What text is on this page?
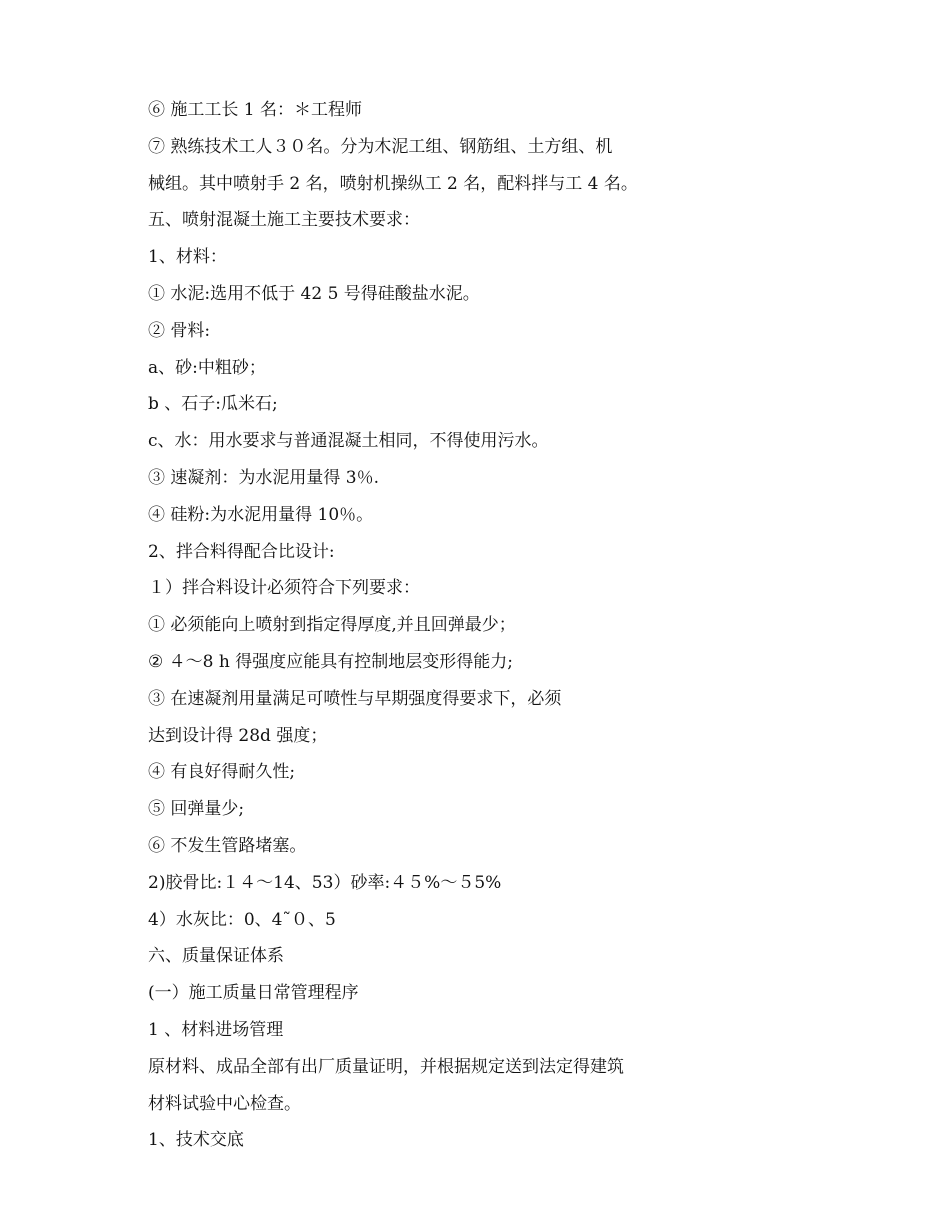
⑥ 施工工长 1 名：＊工程师
⑦ 熟练技术工人３０名。分为木泥工组、钢筋组、土方组、机
械组。其中喷射手 2 名，喷射机操纵工 2 名，配料拌与工 4 名。
五、喷射混凝土施工主要技术要求：
1、材料：
① 水泥:选用不低于 42 5 号得硅酸盐水泥。
② 骨料:
a、砂:中粗砂；
b 、石子:瓜米石;
c、水：用水要求与普通混凝土相同，不得使用污水。
③ 速凝剂：为水泥用量得 3％.
④ 硅粉:为水泥用量得 10％。
2、拌合料得配合比设计:
１）拌合料设计必须符合下列要求：
① 必须能向上喷射到指定得厚度,并且回弹最少；
② ４～8 h 得强度应能具有控制地层变形得能力;
③ 在速凝剂用量满足可喷性与早期强度得要求下，必须
达到设计得 28d 强度；
④ 有良好得耐久性;
⑤ 回弹量少;
⑥ 不发生管路堵塞。
2)胶骨比:１４～14、53）砂率:４５%～５5%
4）水灰比：0、4˜０、5
六、质量保证体系
(一）施工质量日常管理程序
1 、材料进场管理
原材料、成品全部有出厂质量证明，并根据规定送到法定得建筑
材料试验中心检查。
1、技术交底
